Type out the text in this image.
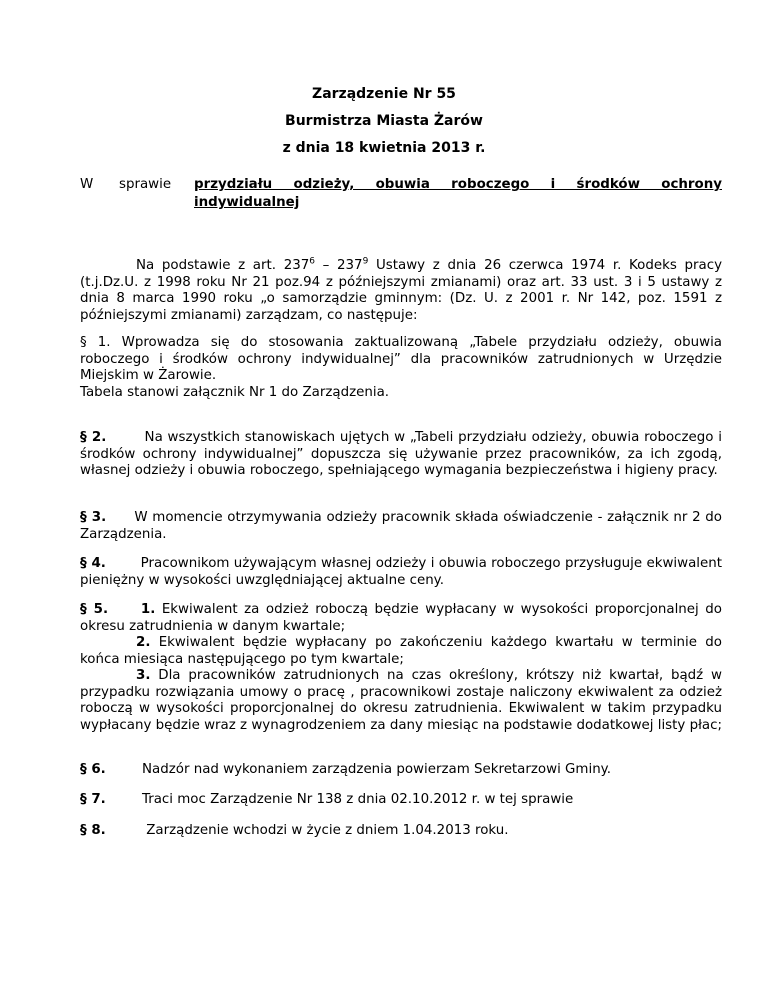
Zarządzenie Nr 55
Burmistrza Miasta Żarów
z dnia 18 kwietnia 2013 r.
W sprawie przydziału odzieży, obuwia roboczego i środków ochrony
indywidualnej
Na podstawie z art. $237^6 - 237^9$ Ustawy z dnia 26 czerwca 1974 r. Kodeks pracy (t.j.Dz.U. z 1998 roku Nr 21 poz.94 z późniejszymi zmianami) oraz art. 33 ust. 3 i 5 ustawy z dnia 8 marca 1990 roku „o samorządzie gminnym: (Dz. U. z 2001 r. Nr 142, poz. 1591 z późniejszymi zmianami) zarządzam, co następuje:
§ 1. Wprowadza się do stosowania zaktualizowaną „Tabele przydziału odzieży, obuwia roboczego i środków ochrony indywidualnej” dla pracowników zatrudnionych w Urzędzie Miejskim w Żarowie.
Tabela stanowi załącznik Nr 1 do Zarządzenia.
§ 2.	Na wszystkich stanowiskach ujętych w „Tabeli przydziału odzieży, obuwia roboczego i środków ochrony indywidualnej” dopuszcza się używanie przez pracowników, za ich zgodą, własnej odzieży i obuwia roboczego, spełniającego wymagania bezpieczeństwa i higieny pracy.
§ 3. W momencie otrzymywania odzieży pracownik składa oświadczenie - załącznik nr 2 do Zarządzenia.
§ 4.	Pracownikom używającym własnej odzieży i obuwia roboczego przysługuje ekwiwalent pieniężny w wysokości uwzględniającej aktualne ceny.
§ 5. 1. Ekwiwalent za odzież roboczą będzie wypłacany w wysokości proporcjonalnej do okresu zatrudnienia w danym kwartale;
2. Ekwiwalent będzie wypłacany po zakończeniu każdego kwartału w terminie do końca miesiąca następującego po tym kwartale;
3. Dla pracowników zatrudnionych na czas określony, krótszy niż kwartał, bądź w przypadku rozwiązania umowy o pracę , pracownikowi zostaje naliczony ekwiwalent za odzież roboczą w wysokości proporcjonalnej do okresu zatrudnienia. Ekwiwalent w takim przypadku wypłacany będzie wraz z wynagrodzeniem za dany miesiąc na podstawie dodatkowej listy płac;
§ 6.	Nadzór nad wykonaniem zarządzenia powierzam Sekretarzowi Gminy.
§ 7.	Traci moc Zarządzenie Nr 138 z dnia 02.10.2012 r. w tej sprawie
§ 8.	Zarządzenie wchodzi w życie z dniem 1.04.2013 roku.
